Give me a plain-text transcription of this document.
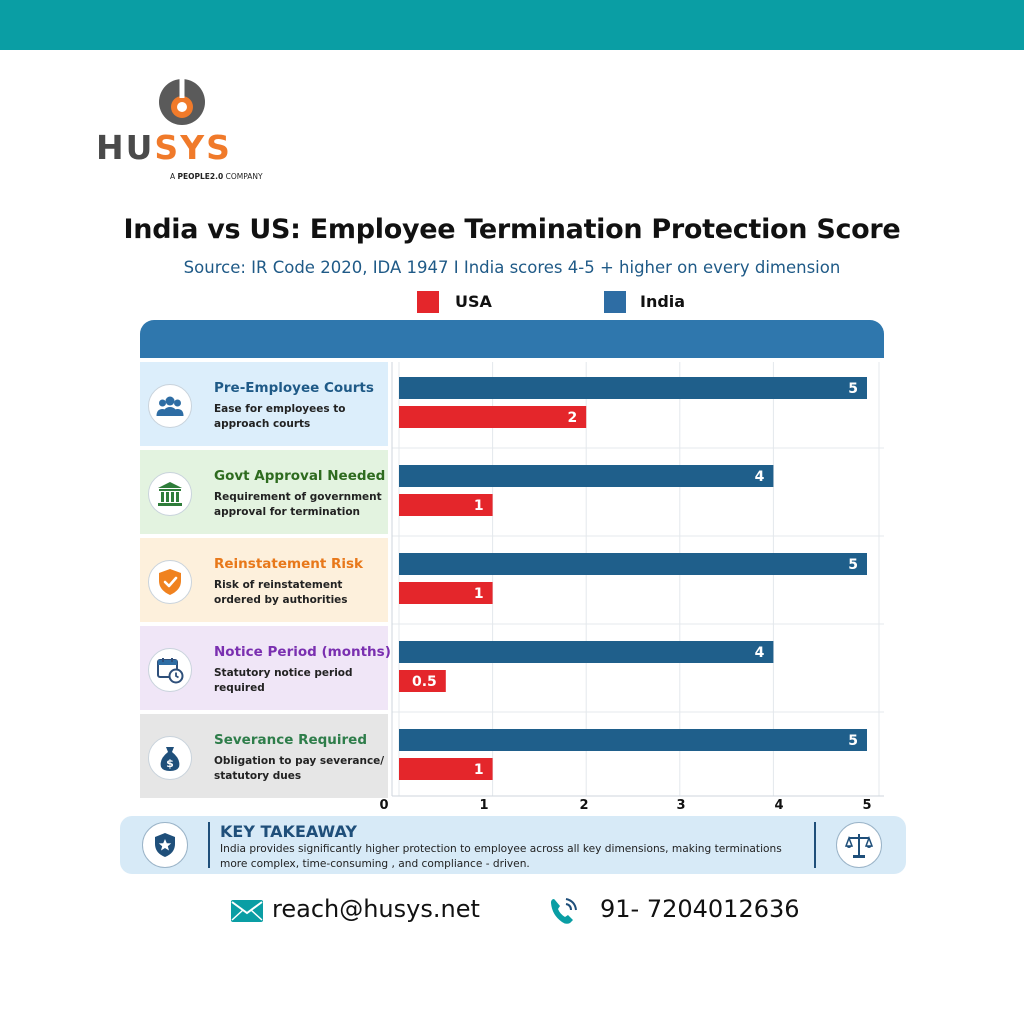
HUSYS
A PEOPLE2.0 COMPANY
India vs US: Employee Termination Protection Score
Source: IR Code 2020, IDA 1947 I India scores 4-5 + higher on every dimension
USA	India
Pre-Employee Courts
Ease for employees to approach courts
Govt Approval Needed
Requirement of government approval for termination
Reinstatement Risk
Risk of reinstatement ordered by authorities
Notice Period (months)
Statutory notice period required
$
Severance Required
Obligation to pay severance/ statutory dues
5
2
4
1
5
1
4
0.5
5
1
0	1	2	3	4	5
KEY TAKEAWAY
India provides significantly higher protection to employee across all key dimensions, making terminations more complex, time-consuming , and compliance - driven.
reach@husys.net	91- 7204012636
